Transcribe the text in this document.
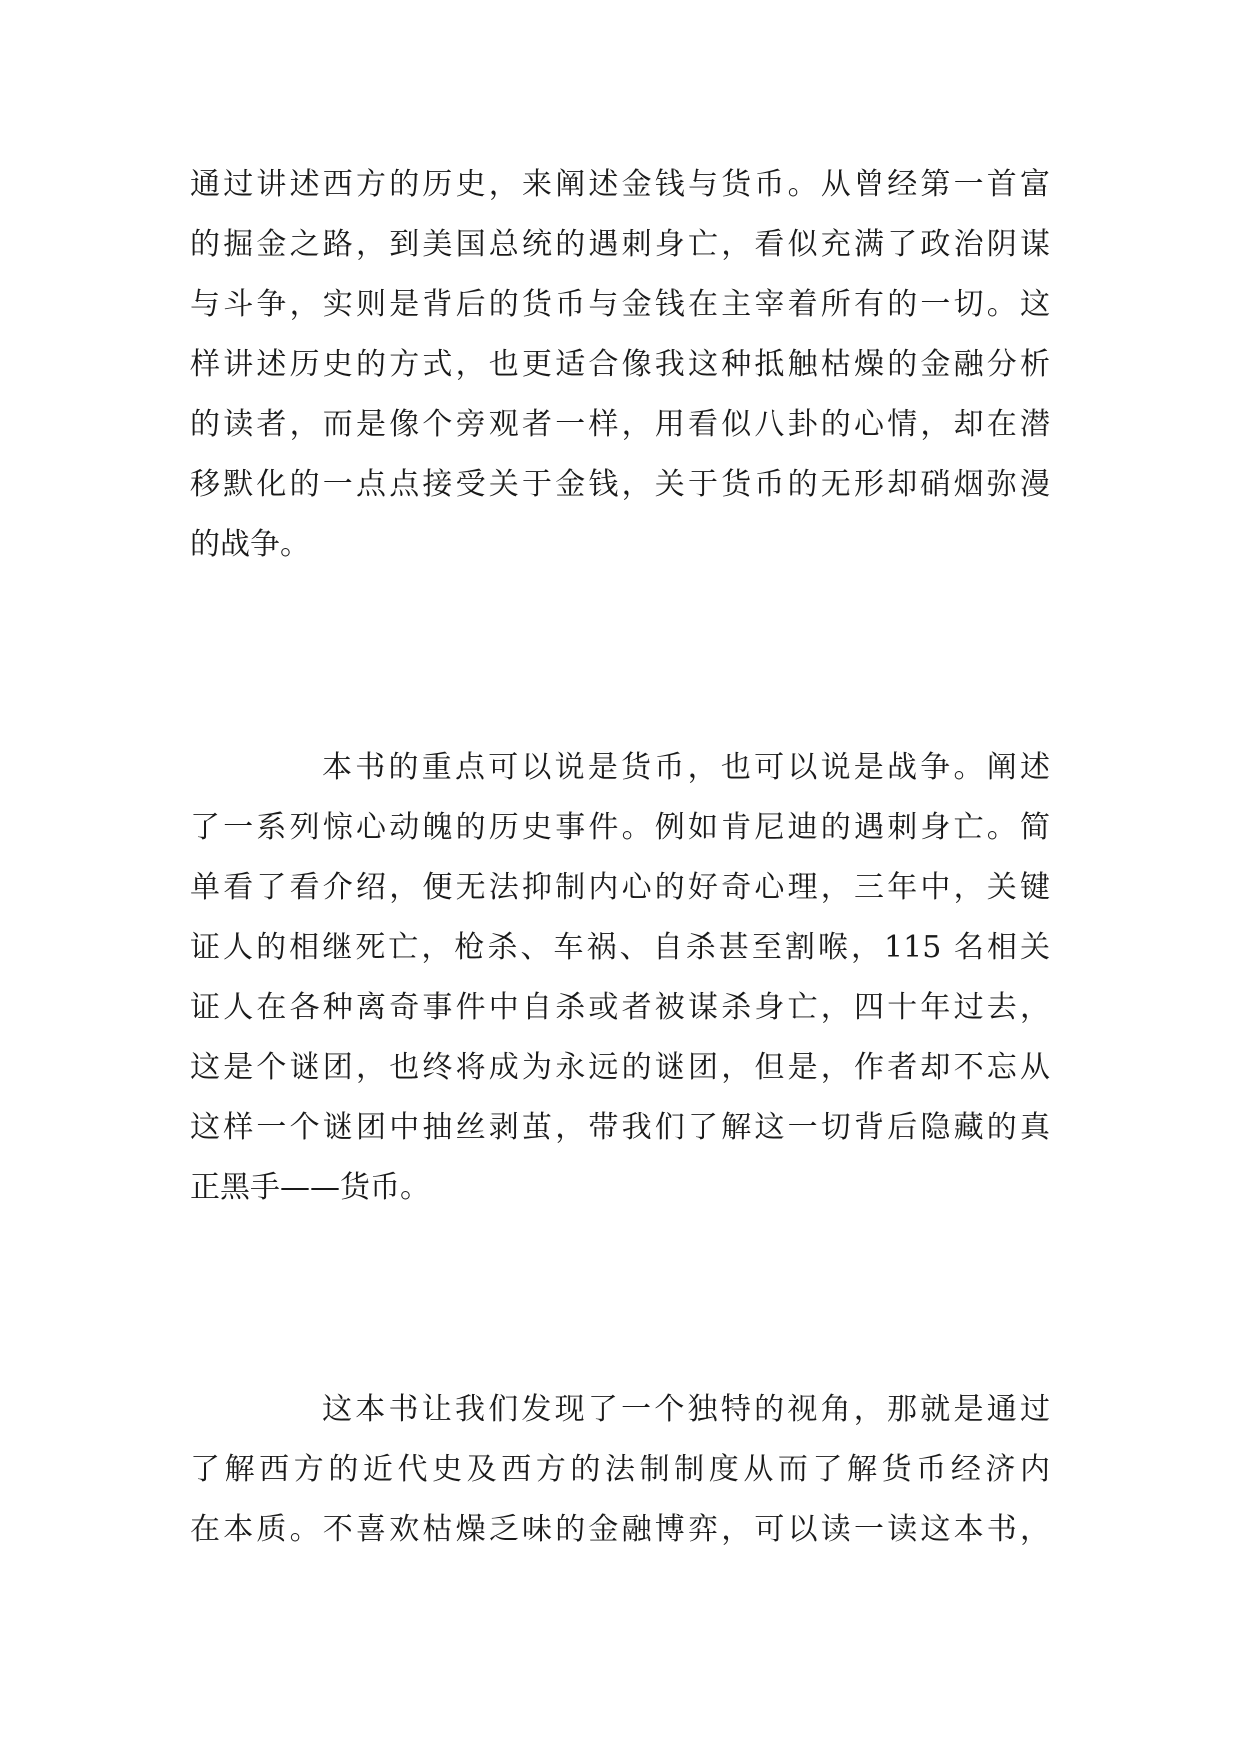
通过讲述西方的历史，来阐述金钱与货币。从曾经第一首富
的掘金之路，到美国总统的遇刺身亡，看似充满了政治阴谋
与斗争，实则是背后的货币与金钱在主宰着所有的一切。这
样讲述历史的方式，也更适合像我这种抵触枯燥的金融分析
的读者，而是像个旁观者一样，用看似八卦的心情，却在潜
移默化的一点点接受关于金钱，关于货币的无形却硝烟弥漫
的战争。
本书的重点可以说是货币，也可以说是战争。阐述
了一系列惊心动魄的历史事件。例如肯尼迪的遇刺身亡。简
单看了看介绍，便无法抑制内心的好奇心理，三年中，关键
证人的相继死亡，枪杀、车祸、自杀甚至割喉，115 名相关
证人在各种离奇事件中自杀或者被谋杀身亡，四十年过去，
这是个谜团，也终将成为永远的谜团，但是，作者却不忘从
这样一个谜团中抽丝剥茧，带我们了解这一切背后隐藏的真
正黑手——货币。
这本书让我们发现了一个独特的视角，那就是通过
了解西方的近代史及西方的法制制度从而了解货币经济内
在本质。不喜欢枯燥乏味的金融博弈，可以读一读这本书，
